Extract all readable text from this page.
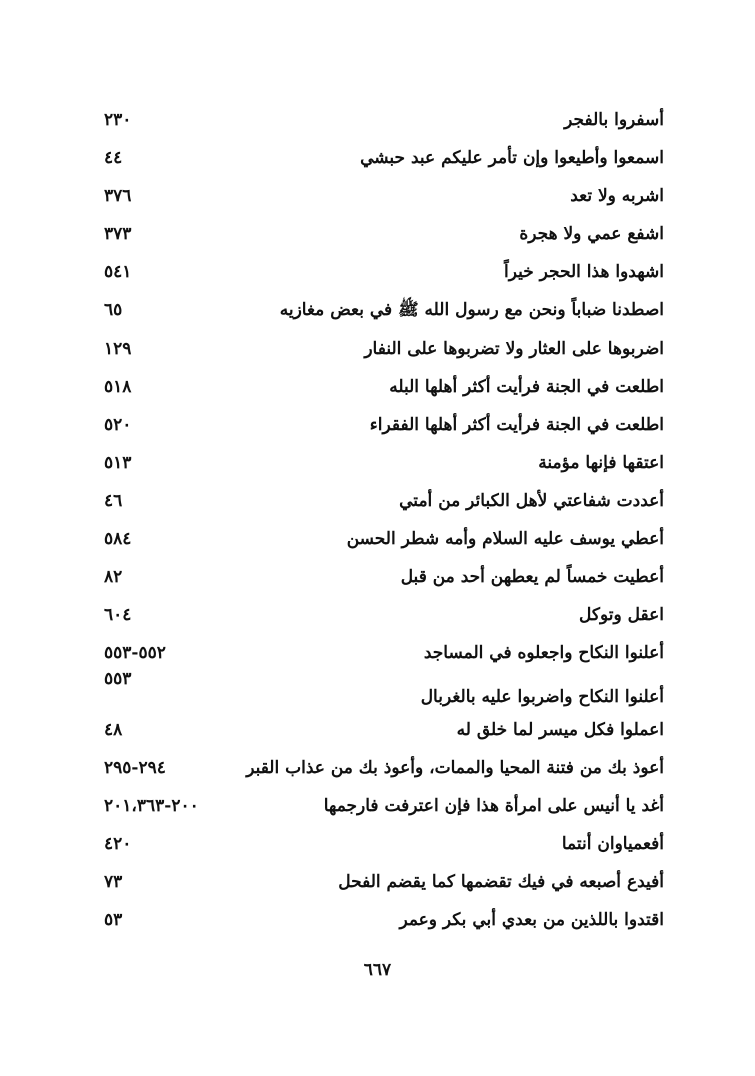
أسفروا بالفجر
٢٣٠
اسمعوا وأطيعوا وإن تأمر عليكم عبد حبشي
٤٤
اشربه ولا تعد
٣٧٦
اشفع عمي ولا هجرة
٣٧٣
اشهدوا هذا الحجر خيراً
٥٤١
اصطدنا ضباباً ونحن مع رسول الله ﷺ في بعض مغازيه
٦٥
اضربوها على العثار ولا تضربوها على النفار
١٢٩
اطلعت في الجنة فرأيت أكثر أهلها البله
٥١٨
اطلعت في الجنة فرأيت أكثر أهلها الفقراء
٥٢٠
اعتقها فإنها مؤمنة
٥١٣
أعددت شفاعتي لأهل الكبائر من أمتي
٤٦
أعطي يوسف عليه السلام وأمه شطر الحسن
٥٨٤
أعطيت خمساً لم يعطهن أحد من قبل
٨٢
اعقل وتوكل
٦٠٤
أعلنوا النكاح واجعلوه في المساجد
٥٥٢-٥٥٣
أعلنوا النكاح واضربوا عليه بالغربال
٥٥٣
اعملوا فكل ميسر لما خلق له
٤٨
أعوذ بك من فتنة المحيا والممات، وأعوذ بك من عذاب القبر
٢٩٤-٢٩٥
أغد يا أنيس على امرأة هذا فإن اعترفت فارجمها
٢٠٠-٢٠١،٣٦٣
أفعمياوان أنتما
٤٢٠
أفيدع أصبعه في فيك تقضمها كما يقضم الفحل
٧٣
اقتدوا باللذين من بعدي أبي بكر وعمر
٥٣
٦٦٧
